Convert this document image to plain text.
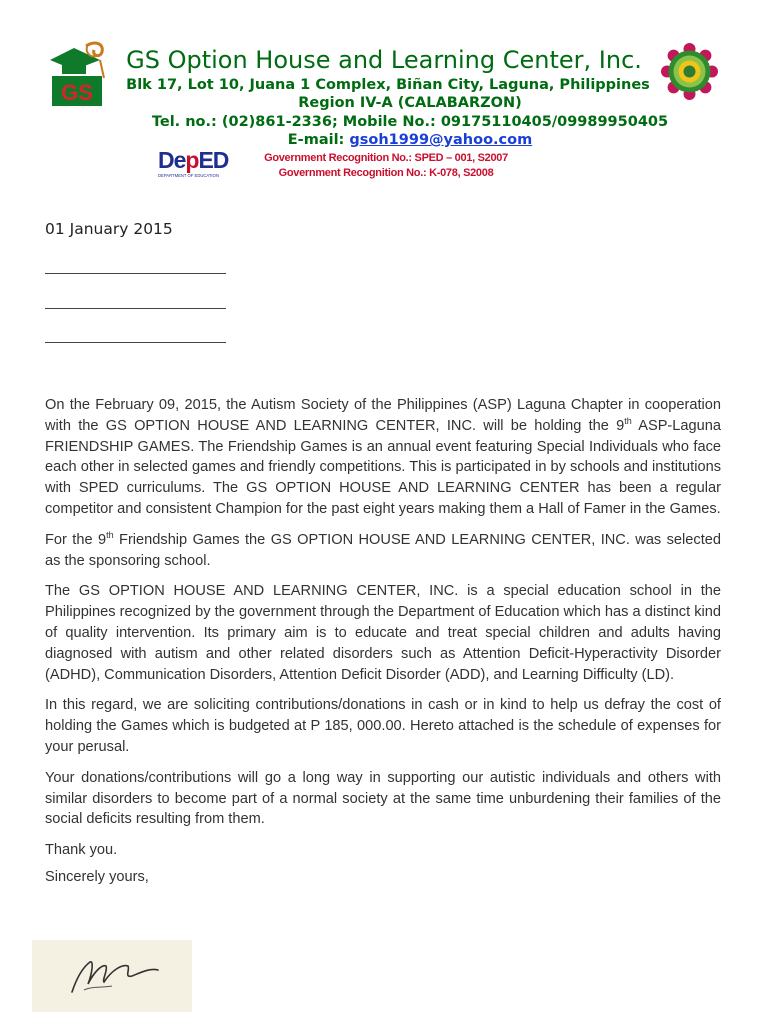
GS
GS Option House and Learning Center, Inc.
Blk 17, Lot 10, Juana 1 Complex, Biñan City, Laguna, Philippines
Region IV-A (CALABARZON)
Tel. no.: (02)861-2336; Mobile No.: 09175110405/09989950405
E-mail: gsoh1999@yahoo.com
DepED
DEPARTMENT OF EDUCATION
Government Recognition No.: SPED – 001, S2007
Government Recognition No.: K-078, S2008
01 January 2015

On the February 09, 2015, the Autism Society of the Philippines (ASP) Laguna Chapter in cooperation with the GS OPTION HOUSE AND LEARNING CENTER, INC. will be holding the 9th ASP-Laguna FRIENDSHIP GAMES. The Friendship Games is an annual event featuring Special Individuals who face each other in selected games and friendly competitions. This is participated in by schools and institutions with SPED curriculums. The GS OPTION HOUSE AND LEARNING CENTER has been a regular competitor and consistent Champion for the past eight years making them a Hall of Famer in the Games.

For the 9th Friendship Games the GS OPTION HOUSE AND LEARNING CENTER, INC. was selected as the sponsoring school.

The GS OPTION HOUSE AND LEARNING CENTER, INC. is a special education school in the Philippines recognized by the government through the Department of Education which has a distinct kind of quality intervention. Its primary aim is to educate and treat special children and adults having diagnosed with autism and other related disorders such as Attention Deficit-Hyperactivity Disorder (ADHD), Communication Disorders, Attention Deficit Disorder (ADD), and Learning Difficulty (LD).

In this regard, we are soliciting contributions/donations in cash or in kind to help us defray the cost of holding the Games which is budgeted at P 185, 000.00. Hereto attached is the schedule of expenses for your perusal.

Your donations/contributions will go a long way in supporting our autistic individuals and others with similar disorders to become part of a normal society at the same time unburdening their families of the social deficits resulting from them.

Thank you.

Sincerely yours,
